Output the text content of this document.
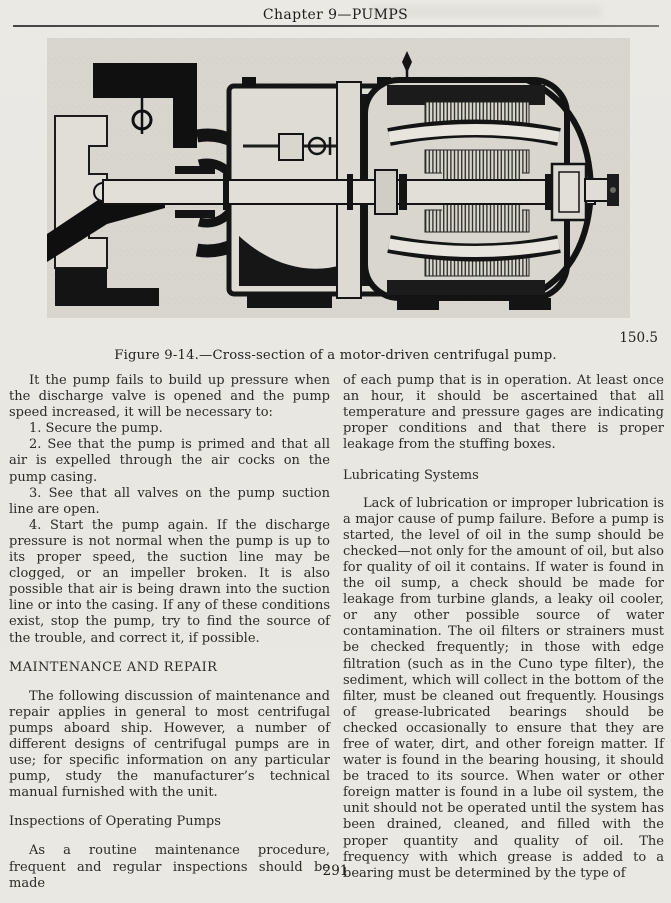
Chapter 9—PUMPS
150.5
Figure 9-14.—Cross-section of a motor-driven centrifugal pump.

It the pump fails to build up pressure when the discharge valve is opened and the pump speed increased, it will be necessary to:

1. Secure the pump.

2. See that the pump is primed and that all air is expelled through the air cocks on the pump casing.

3. See that all valves on the pump suction line are open.

4. Start the pump again. If the discharge pressure is not normal when the pump is up to its proper speed, the suction line may be clogged, or an impeller broken. It is also possible that air is being drawn into the suction line or into the casing. If any of these conditions exist, stop the pump, try to find the source of the trouble, and correct it, if possible.

MAINTENANCE AND REPAIR

The following discussion of maintenance and repair applies in general to most centrifugal pumps aboard ship. However, a number of different designs of centrifugal pumps are in use; for specific information on any particular pump, study the manufacturer’s technical manual furnished with the unit.

Inspections of Operating Pumps

As a routine maintenance procedure, frequent and regular inspections should be made

of each pump that is in operation. At least once an hour, it should be ascertained that all temperature and pressure gages are indicating proper conditions and that there is proper leakage from the stuffing boxes.

Lubricating Systems

Lack of lubrication or improper lubrication is a major cause of pump failure. Before a pump is started, the level of oil in the sump should be checked—not only for the amount of oil, but also for quality of oil it contains. If water is found in the oil sump, a check should be made for leakage from turbine glands, a leaky oil cooler, or any other possible source of water contamination. The oil filters or strainers must be checked frequently; in those with edge filtration (such as in the Cuno type filter), the sediment, which will collect in the bottom of the filter, must be cleaned out frequently. Housings of grease-lubricated bearings should be checked occasionally to ensure that they are free of water, dirt, and other foreign matter. If water is found in the bearing housing, it should be traced to its source. When water or other foreign matter is found in a lube oil system, the unit should not be operated until the system has been drained, cleaned, and filled with the proper quantity and quality of oil. The frequency with which grease is added to a bearing must be determined by the type of

291
